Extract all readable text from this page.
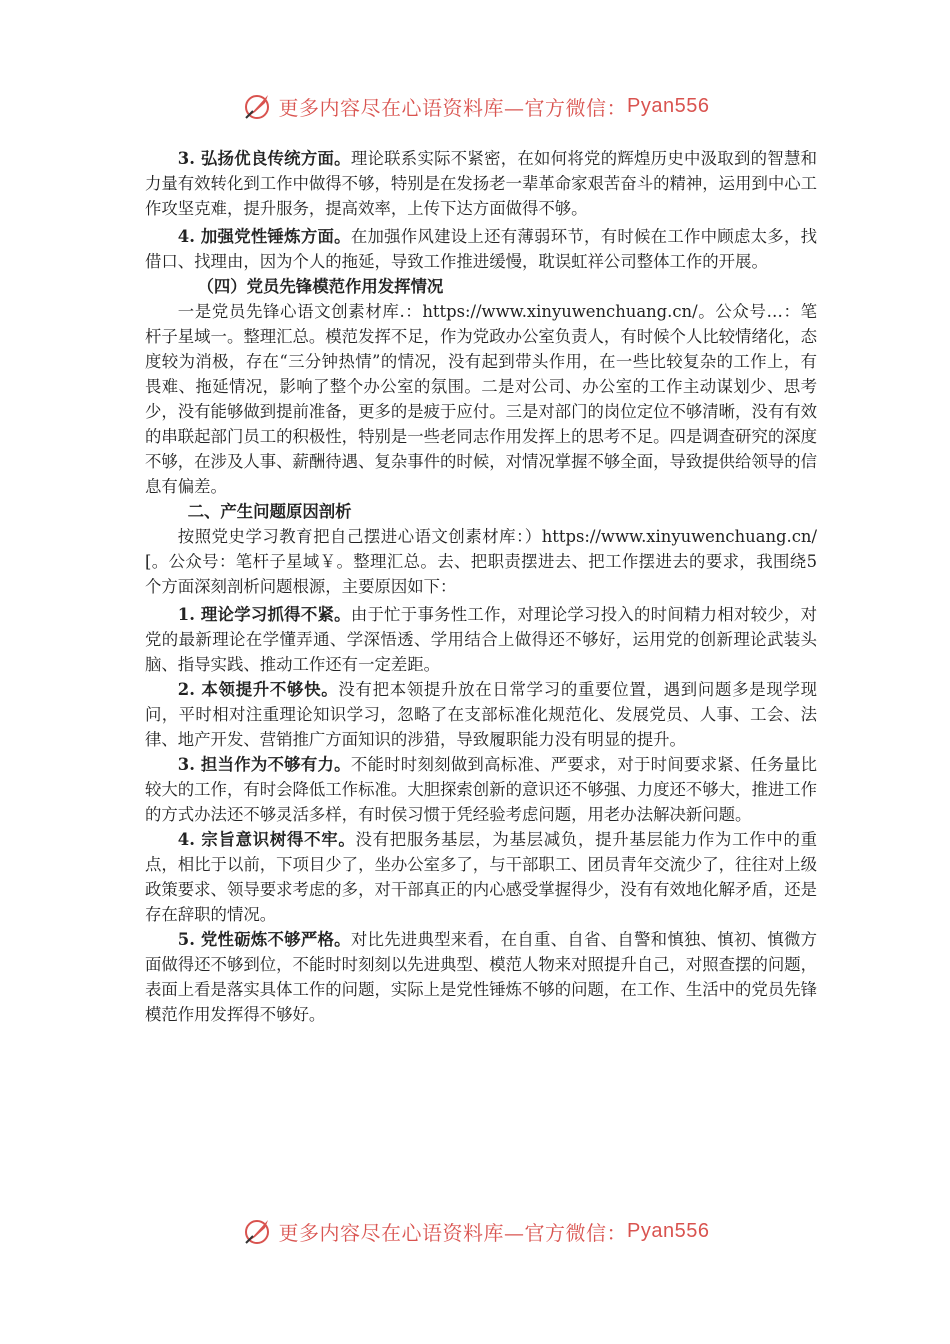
更多内容尽在心语资料库—官方微信： Pyan556

3. 弘扬优良传统方面。理论联系实际不紧密，在如何将党的辉煌历史中汲取到的智慧和力量有效转化到工作中做得不够，特别是在发扬老一辈革命家艰苦奋斗的精神，运用到中心工作攻坚克难，提升服务，提高效率，上传下达方面做得不够。

4. 加强党性锤炼方面。在加强作风建设上还有薄弱环节，有时候在工作中顾虑太多，找借口、找理由，因为个人的拖延，导致工作推进缓慢，耽误虹祥公司整体工作的开展。

（四）党员先锋模范作用发挥情况

一是党员先锋心语文创素材库.：https://www.xinyuwenchuang.cn/。公众号…：笔杆子星域一。整理汇总。模范发挥不足，作为党政办公室负责人，有时候个人比较情绪化，态度较为消极，存在“三分钟热情”的情况，没有起到带头作用，在一些比较复杂的工作上，有畏难、拖延情况，影响了整个办公室的氛围。二是对公司、办公室的工作主动谋划少、思考少，没有能够做到提前准备，更多的是疲于应付。三是对部门的岗位定位不够清晰，没有有效的串联起部门员工的积极性，特别是一些老同志作用发挥上的思考不足。四是调查研究的深度不够，在涉及人事、薪酬待遇、复杂事件的时候，对情况掌握不够全面，导致提供给领导的信息有偏差。

二、产生问题原因剖析

按照党史学习教育把自己摆进心语文创素材库：）https://www.xinyuwenchuang.cn/[。公众号：笔杆子星域￥。整理汇总。去、把职责摆进去、把工作摆进去的要求，我围绕5个方面深刻剖析问题根源，主要原因如下：

1. 理论学习抓得不紧。由于忙于事务性工作，对理论学习投入的时间精力相对较少，对党的最新理论在学懂弄通、学深悟透、学用结合上做得还不够好，运用党的创新理论武装头脑、指导实践、推动工作还有一定差距。

2. 本领提升不够快。没有把本领提升放在日常学习的重要位置，遇到问题多是现学现问，平时相对注重理论知识学习，忽略了在支部标准化规范化、发展党员、人事、工会、法律、地产开发、营销推广方面知识的涉猎，导致履职能力没有明显的提升。

3. 担当作为不够有力。不能时时刻刻做到高标准、严要求，对于时间要求紧、任务量比较大的工作，有时会降低工作标准。大胆探索创新的意识还不够强、力度还不够大，推进工作的方式办法还不够灵活多样，有时侯习惯于凭经验考虑问题，用老办法解决新问题。

4. 宗旨意识树得不牢。没有把服务基层，为基层减负，提升基层能力作为工作中的重点，相比于以前，下项目少了，坐办公室多了，与干部职工、团员青年交流少了，往往对上级政策要求、领导要求考虑的多，对干部真正的内心感受掌握得少，没有有效地化解矛盾，还是存在辞职的情况。

5. 党性砺炼不够严格。对比先进典型来看，在自重、自省、自警和慎独、慎初、慎微方面做得还不够到位，不能时时刻刻以先进典型、模范人物来对照提升自己，对照查摆的问题，表面上看是落实具体工作的问题，实际上是党性锤炼不够的问题，在工作、生活中的党员先锋模范作用发挥得不够好。

更多内容尽在心语资料库—官方微信： Pyan556
